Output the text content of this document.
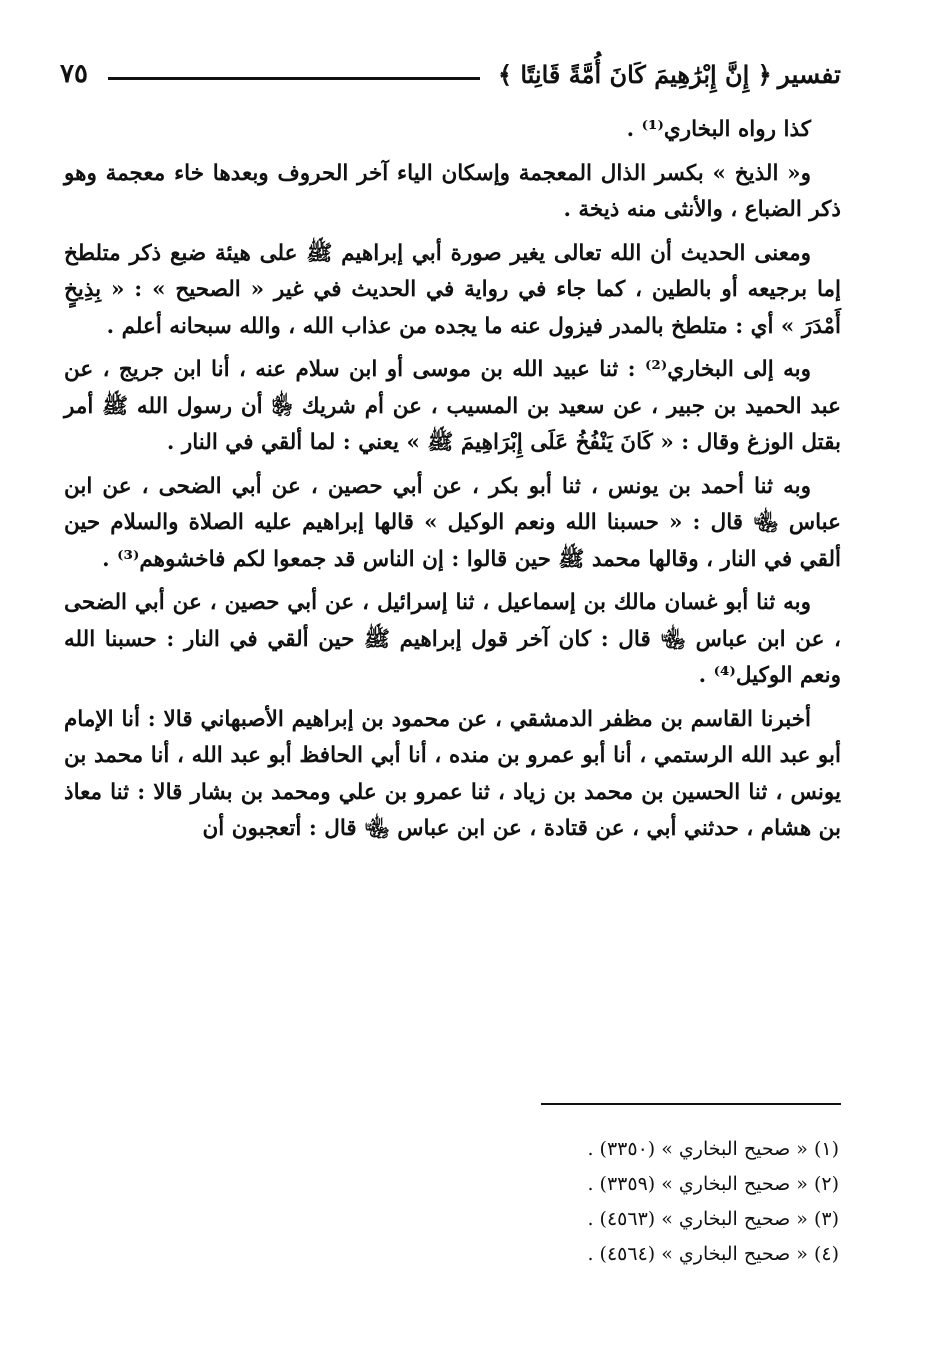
تفسير
﴿ إِنَّ إِبْرَٰهِيمَ كَانَ أُمَّةً قَانِتًا ﴾
٧٥

كذا رواه البخاري⁽¹⁾ .

و« الذيخ » بكسر الذال المعجمة وإسكان الياء آخر الحروف وبعدها خاء معجمة وهو ذكر الضباع ، والأنثى منه ذيخة .

ومعنى الحديث أن الله تعالى يغير صورة أبي إبراهيم ﷺ على هيئة ضبع ذكر متلطخ إما برجيعه أو بالطين ، كما جاء في رواية في الحديث في غير « الصحيح » : « بِذِيخٍ أَمْدَرَ » أي : متلطخ بالمدر فيزول عنه ما يجده من عذاب الله ، والله سبحانه أعلم .

وبه إلى البخاري⁽²⁾ : ثنا عبيد الله بن موسى أو ابن سلام عنه ، أنا ابن جريج ، عن عبد الحميد بن جبير ، عن سعيد بن المسيب ، عن أم شريك ﵂ أن رسول الله ﷺ أمر بقتل الوزغ وقال : « كَانَ يَنْفُخُ عَلَى إِبْرَاهِيمَ ﷺ » يعني : لما ألقي في النار .

وبه ثنا أحمد بن يونس ، ثنا أبو بكر ، عن أبي حصين ، عن أبي الضحى ، عن ابن عباس ﵄ قال : « حسبنا الله ونعم الوكيل » قالها إبراهيم عليه الصلاة والسلام حين ألقي في النار ، وقالها محمد ﷺ حين قالوا : إن الناس قد جمعوا لكم فاخشوهم⁽³⁾ .

وبه ثنا أبو غسان مالك بن إسماعيل ، ثنا إسرائيل ، عن أبي حصين ، عن أبي الضحى ، عن ابن عباس ﵄ قال : كان آخر قول إبراهيم ﷺ حين ألقي في النار : حسبنا الله ونعم الوكيل⁽⁴⁾ .

أخبرنا القاسم بن مظفر الدمشقي ، عن محمود بن إبراهيم الأصبهاني قالا : أنا الإمام أبو عبد الله الرستمي ، أنا أبو عمرو بن منده ، أنا أبي الحافظ أبو عبد الله ، أنا محمد بن يونس ، ثنا الحسين بن محمد بن زياد ، ثنا عمرو بن علي ومحمد بن بشار قالا : ثنا معاذ بن هشام ، حدثني أبي ، عن قتادة ، عن ابن عباس ﵄ قال : أتعجبون أن

(١) « صحيح البخاري » (٣٣٥٠) .
(٢) « صحيح البخاري » (٣٣٥٩) .
(٣) « صحيح البخاري » (٤٥٦٣) .
(٤) « صحيح البخاري » (٤٥٦٤) .
